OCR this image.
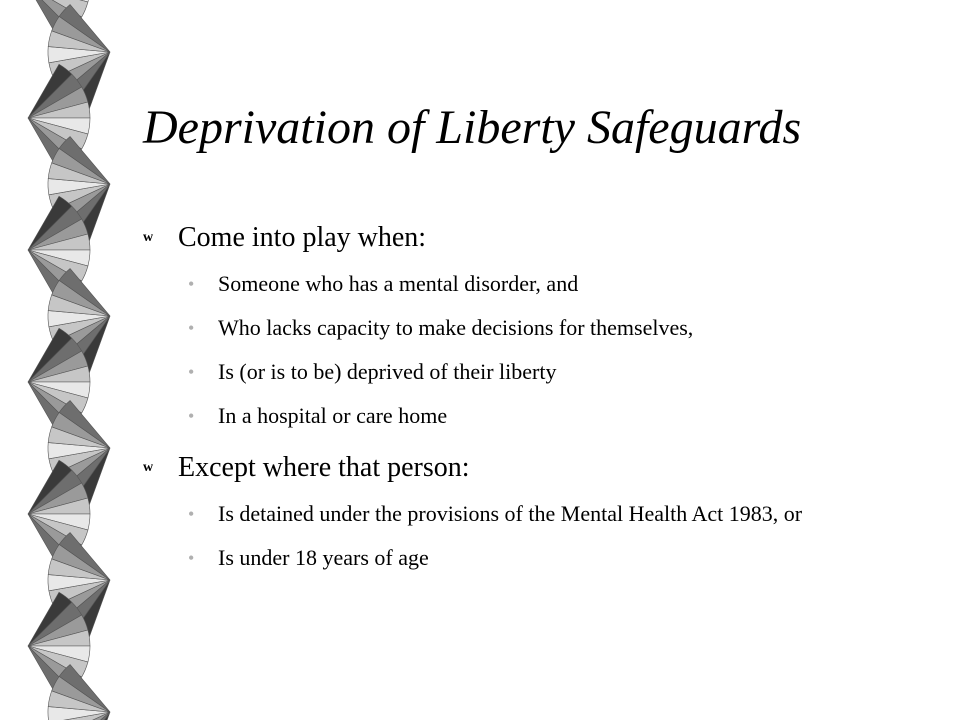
Deprivation of Liberty Safeguards
w Come into play when:
• Someone who has a mental disorder, and
• Who lacks capacity to make decisions for themselves,
• Is (or is to be) deprived of their liberty
• In a hospital or care home
w Except where that person:
• Is detained under the provisions of the Mental Health Act 1983, or
• Is under 18 years of age
